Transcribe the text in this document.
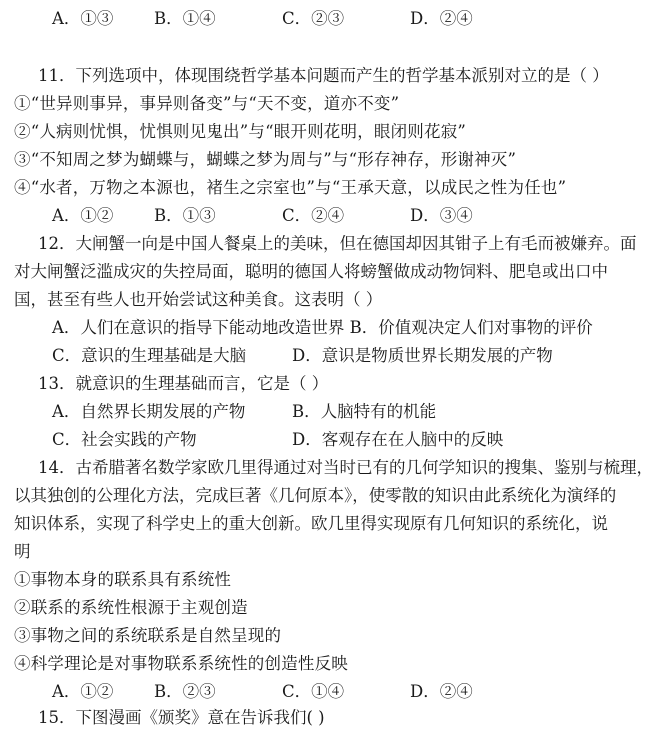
A．①③ B．①④	C．②③	D．②④
11．下列选项中，体现围绕哲学基本问题而产生的哲学基本派别对立的是（ ）
①“世异则事异，事异则备变”与“天不变，道亦不变”
②“人病则忧惧，忧惧则见鬼出”与“眼开则花明，眼闭则花寂”
③“不知周之梦为蝴蝶与，蝴蝶之梦为周与”与“形存神存，形谢神灭”
④“水者，万物之本源也，褚生之宗室也”与“王承天意，以成民之性为任也”
A．①② B．①③	C．②④	D．③④
12．大闸蟹一向是中国人餐桌上的美味，但在德国却因其钳子上有毛而被嫌弃。面
对大闸蟹泛滥成灾的失控局面，聪明的德国人将螃蟹做成动物饲料、肥皂或出口中
国，甚至有些人也开始尝试这种美食。这表明（ ）
A．人们在意识的指导下能动地改造世界 B．价值观决定人们对事物的评价
C．意识的生理基础是大脑	D．意识是物质世界长期发展的产物
13．就意识的生理基础而言，它是（ ）
A．自然界长期发展的产物	B．人脑特有的机能
C．社会实践的产物	D．客观存在在人脑中的反映
14．古希腊著名数学家欧几里得通过对当时已有的几何学知识的搜集、鉴别与梳理，
以其独创的公理化方法，完成巨著《几何原本》，使零散的知识由此系统化为演绎的
知识体系，实现了科学史上的重大创新。欧几里得实现原有几何知识的系统化，说
明
①事物本身的联系具有系统性
②联系的系统性根源于主观创造
③事物之间的系统联系是自然呈现的
④科学理论是对事物联系系统性的创造性反映
A．①② B．②③	C．①④	D．②④
15．下图漫画《颁奖》意在告诉我们( )
